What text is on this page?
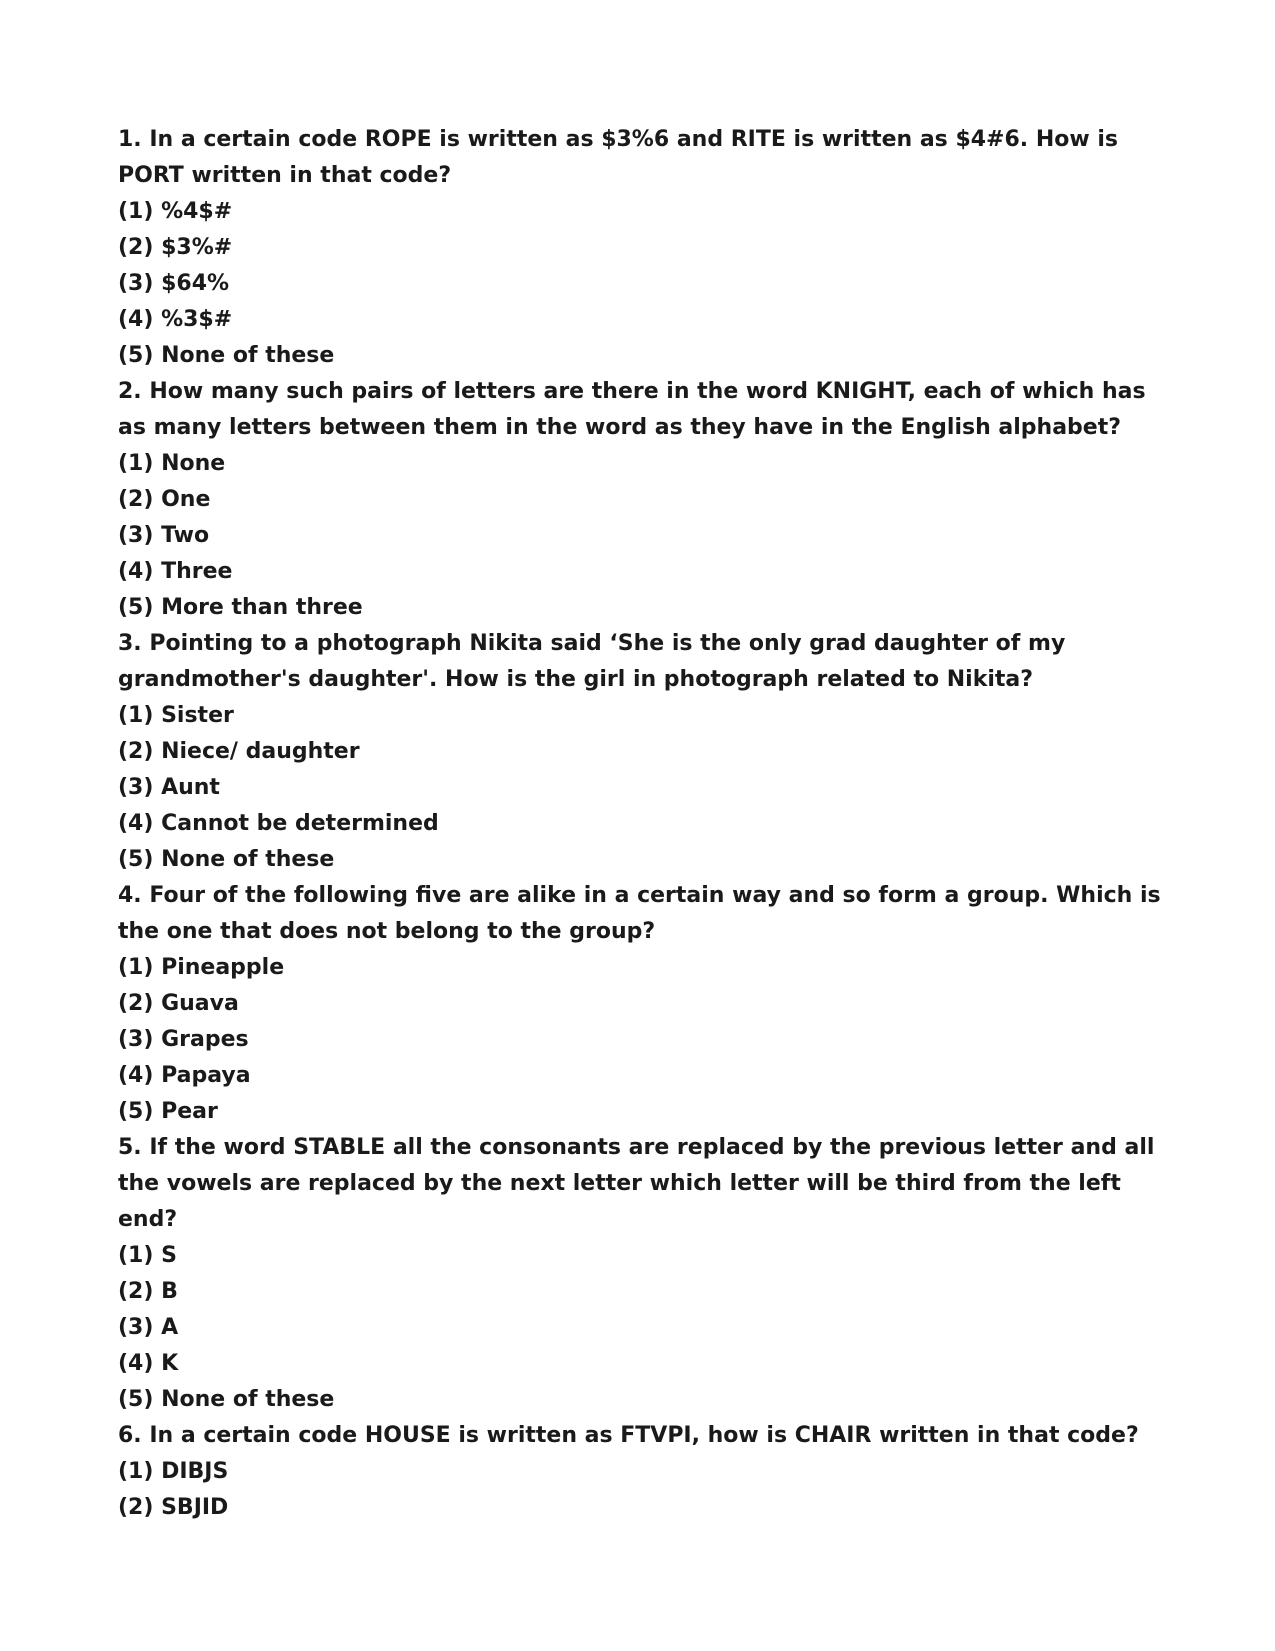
1. In a certain code ROPE is written as $3%6 and RITE is written as $4#6. How is PORT written in that code?

(1) %4$#

(2) $3%#

(3) $64%

(4) %3$#

(5) None of these

2. How many such pairs of letters are there in the word KNIGHT, each of which has as many letters between them in the word as they have in the English alphabet?

(1) None

(2) One

(3) Two

(4) Three

(5) More than three

3. Pointing to a photograph Nikita said ‘She is the only grad daughter of my grandmother's daughter'. How is the girl in photograph related to Nikita?

(1) Sister

(2) Niece/ daughter

(3) Aunt

(4) Cannot be determined

(5) None of these

4. Four of the following five are alike in a certain way and so form a group. Which is the one that does not belong to the group?

(1) Pineapple

(2) Guava

(3) Grapes

(4) Papaya

(5) Pear

5. If the word STABLE all the consonants are replaced by the previous letter and all the vowels are replaced by the next letter which letter will be third from the left end?

(1) S

(2) B

(3) A

(4) K

(5) None of these

6. In a certain code HOUSE is written as FTVPI, how is CHAIR written in that code?

(1) DIBJS

(2) SBJID
